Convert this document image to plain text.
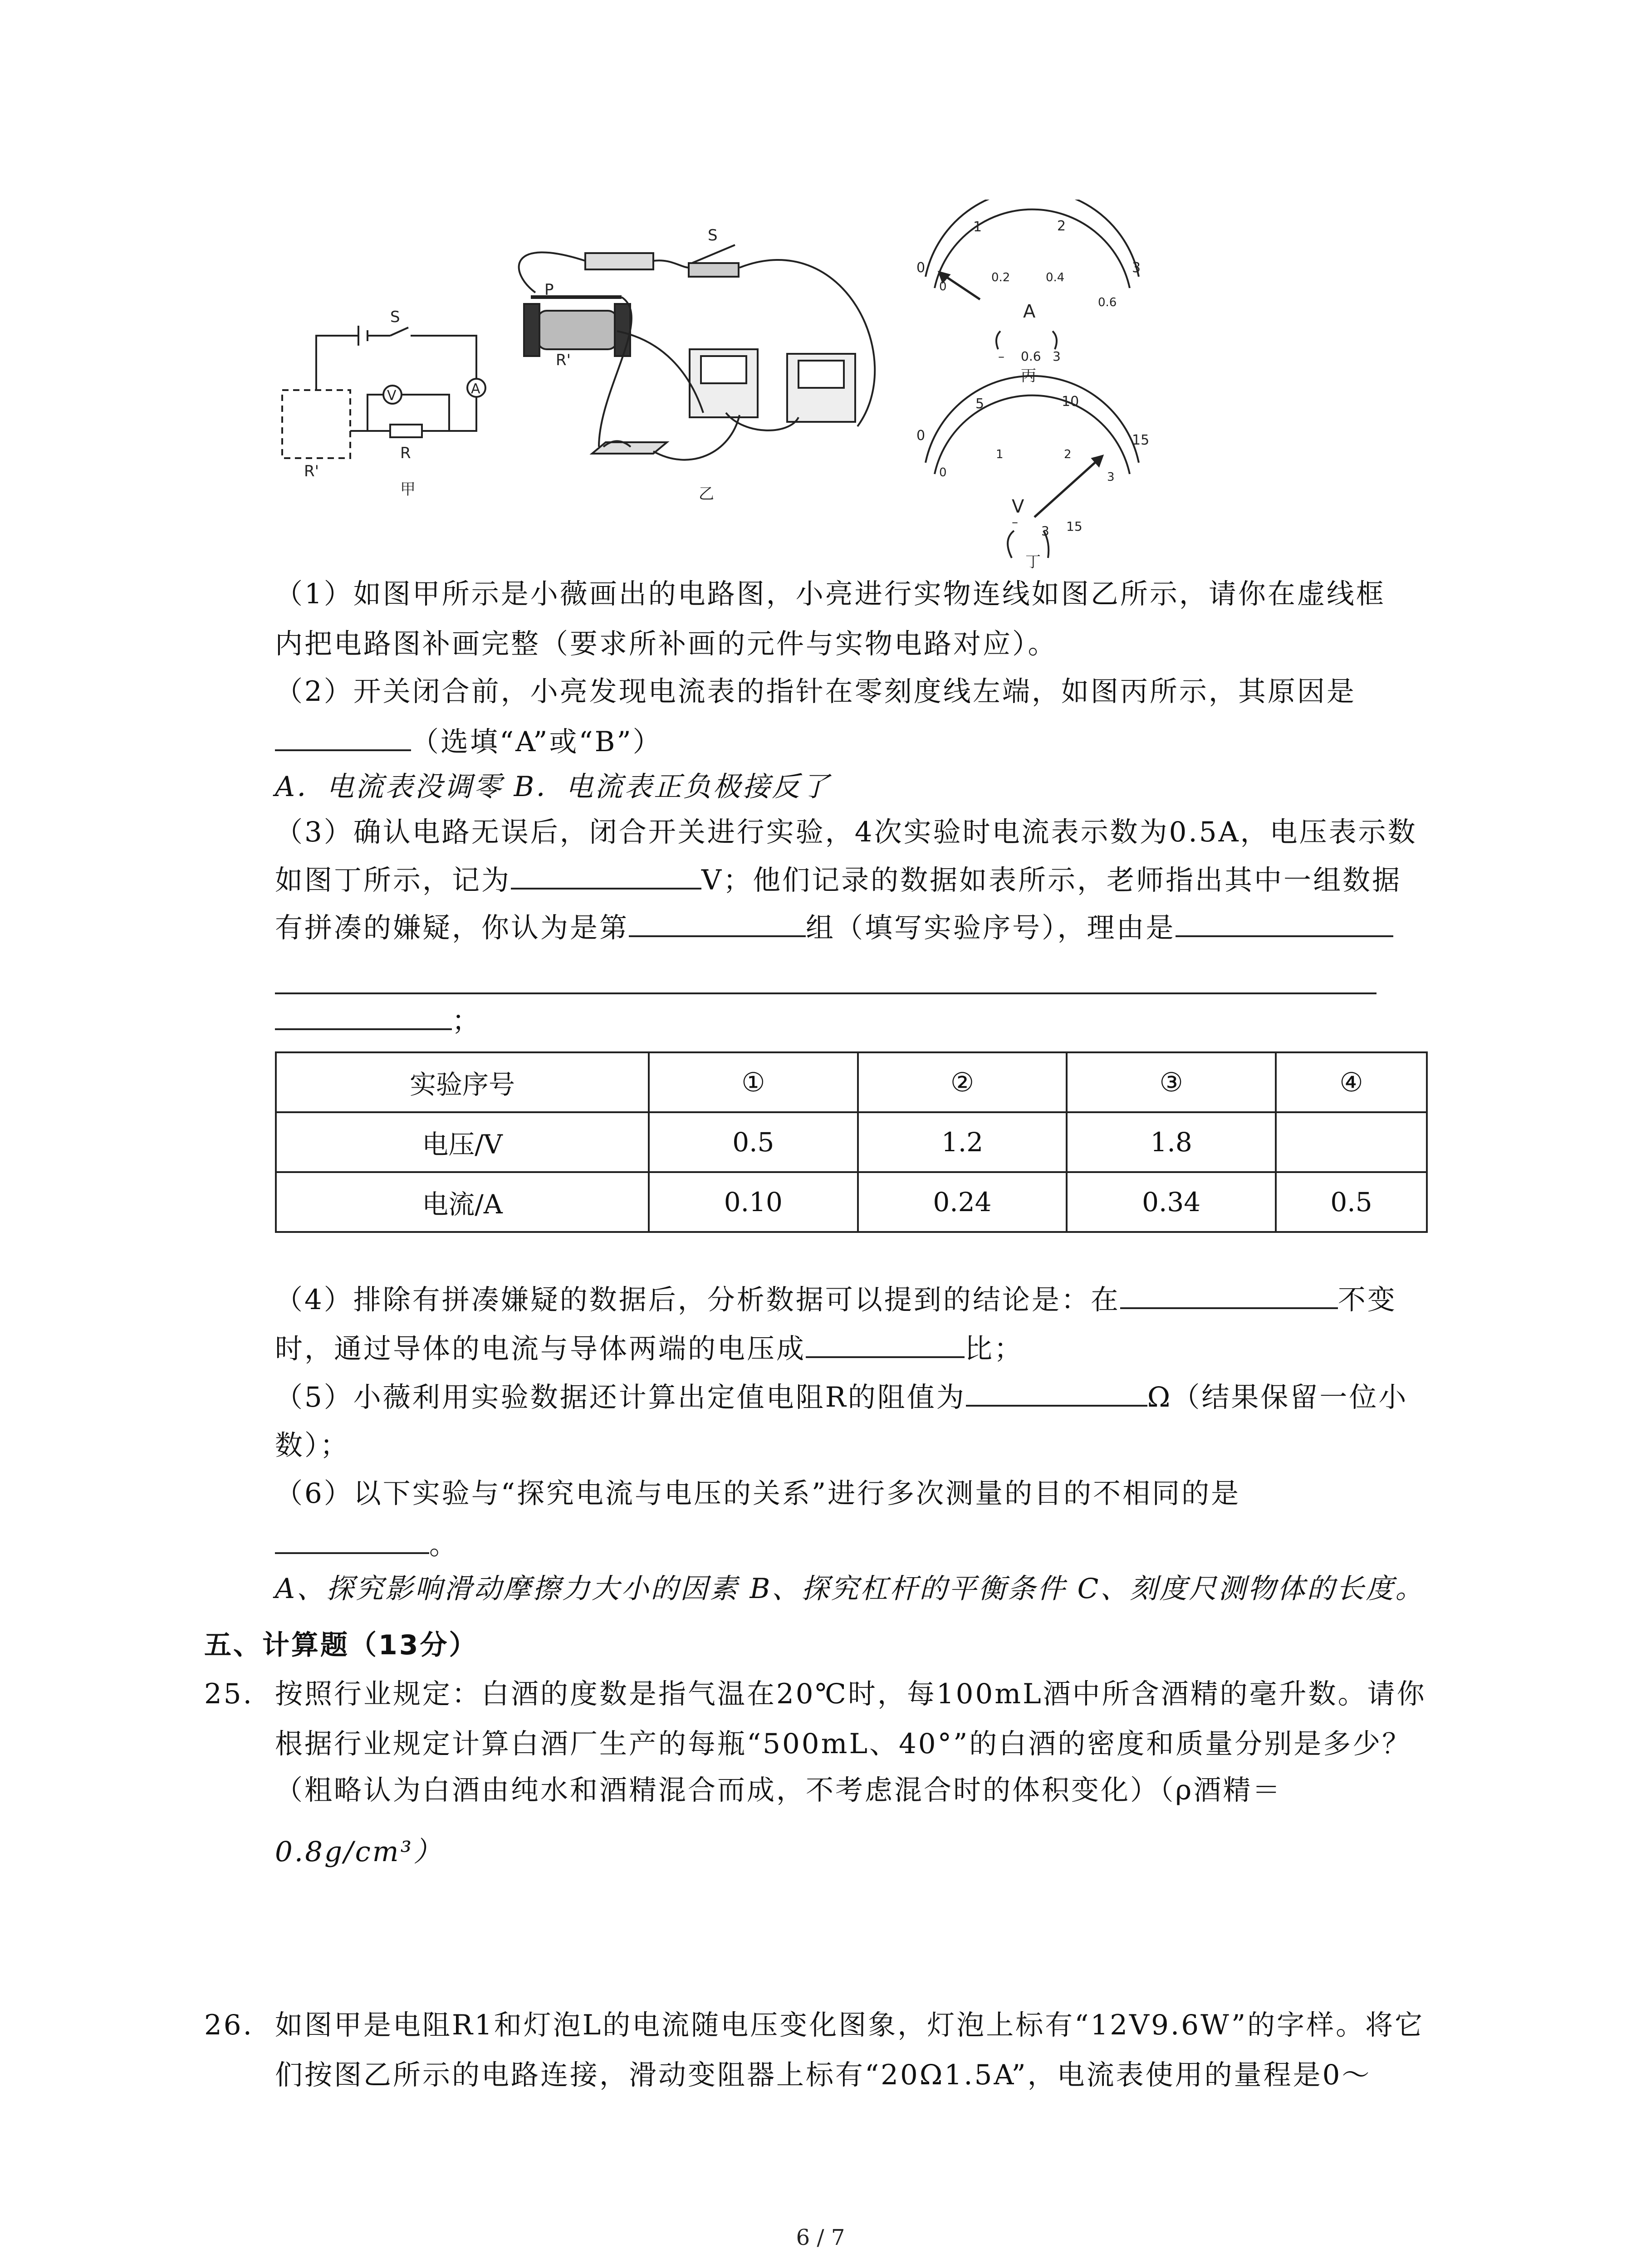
S
A
V
R
R'
甲
S
P
R'
乙
0
1	2
3
0
0.2	0.4
0.6
A
– 0.6 3
丙
0
5	10
15
0
1	2
3
V
–
3 15
丁
（1）如图甲所示是小薇画出的电路图，小亮进行实物连线如图乙所示，请你在虚线框
内把电路图补画完整（要求所补画的元件与实物电路对应）。
（2）开关闭合前，小亮发现电流表的指针在零刻度线左端，如图丙所示，其原因是
（选填“A”或“B”）
A．电流表没调零 B．电流表正负极接反了
（3）确认电路无误后，闭合开关进行实验，4次实验时电流表示数为0.5A，电压表示数
如图丁所示，记为	V；他们记录的数据如表所示，老师指出其中一组数据
有拼凑的嫌疑，你认为是第	组（填写实验序号），理由是
；
实验序号	①	②	③	④
电压/V	0.5	1.2	1.8	
电流/A	0.10	0.24	0.34	0.5
（4）排除有拼凑嫌疑的数据后，分析数据可以提到的结论是：在	不变
时，通过导体的电流与导体两端的电压成	比；
（5）小薇利用实验数据还计算出定值电阻R的阻值为	Ω（结果保留一位小
数）；
（6）以下实验与“探究电流与电压的关系”进行多次测量的目的不相同的是
。
A、探究影响滑动摩擦力大小的因素 B、探究杠杆的平衡条件 C、刻度尺测物体的长度。
五、计算题（13分）
25. 按照行业规定：白酒的度数是指气温在20℃时，每100mL酒中所含酒精的毫升数。请你
根据行业规定计算白酒厂生产的每瓶“500mL、40°”的白酒的密度和质量分别是多少？
（粗略认为白酒由纯水和酒精混合而成，不考虑混合时的体积变化）（ρ酒精＝
0.8g/cm³）
26. 如图甲是电阻R1和灯泡L的电流随电压变化图象，灯泡上标有“12V9.6W”的字样。将它
们按图乙所示的电路连接，滑动变阻器上标有“20Ω1.5A”，电流表使用的量程是0～
6 / 7
